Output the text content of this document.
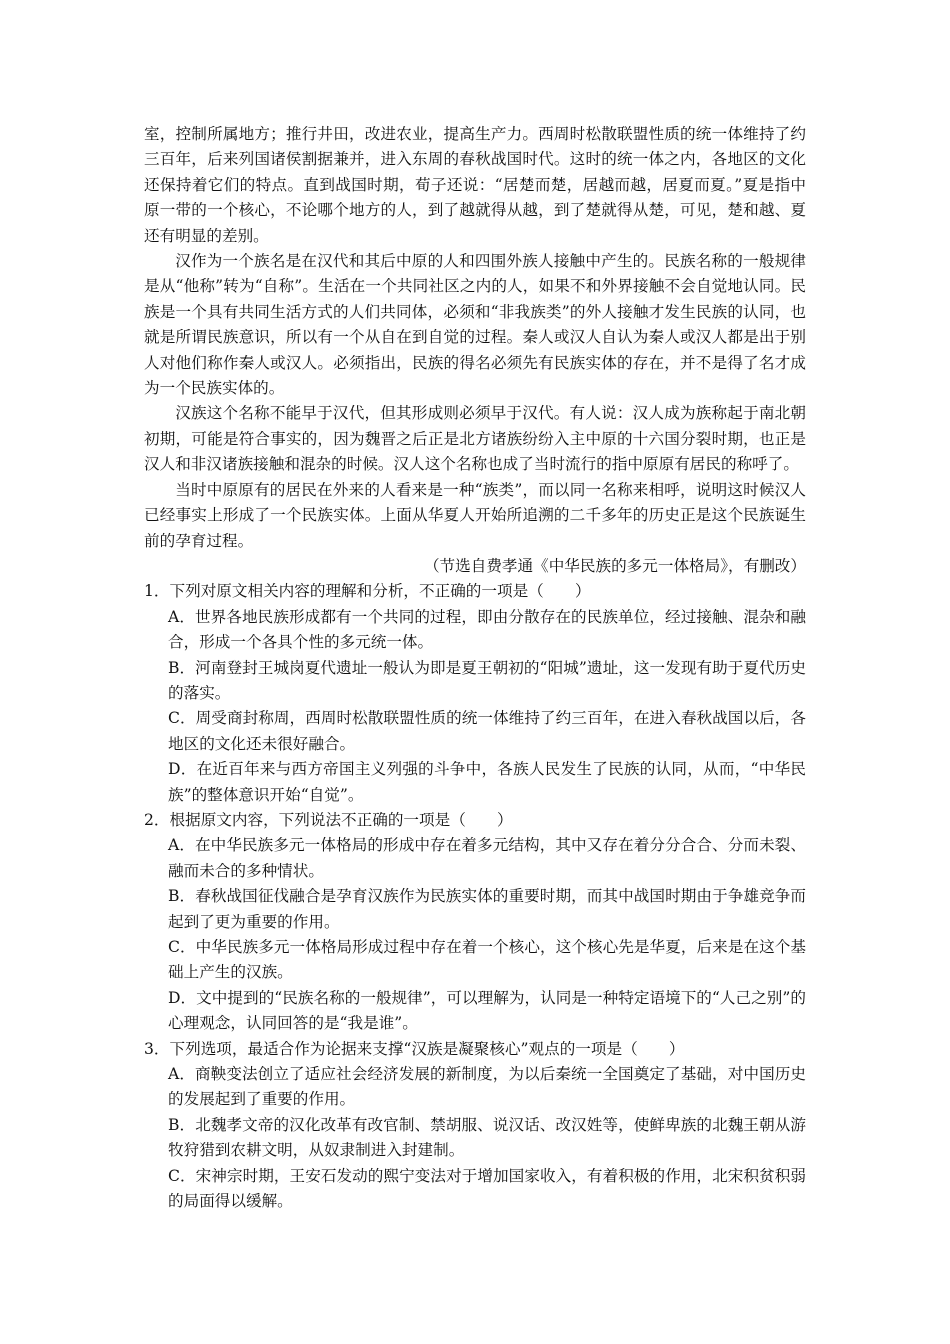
室，控制所属地方；推行井田，改进农业，提高生产力。西周时松散联盟性质的统一体维持了约三百年，后来列国诸侯割据兼并，进入东周的春秋战国时代。这时的统一体之内，各地区的文化还保持着它们的特点。直到战国时期，荀子还说：“居楚而楚，居越而越，居夏而夏。”夏是指中原一带的一个核心，不论哪个地方的人，到了越就得从越，到了楚就得从楚，可见，楚和越、夏还有明显的差别。

汉作为一个族名是在汉代和其后中原的人和四围外族人接触中产生的。民族名称的一般规律是从“他称”转为“自称”。生活在一个共同社区之内的人，如果不和外界接触不会自觉地认同。民族是一个具有共同生活方式的人们共同体，必须和“非我族类”的外人接触才发生民族的认同，也就是所谓民族意识，所以有一个从自在到自觉的过程。秦人或汉人自认为秦人或汉人都是出于别人对他们称作秦人或汉人。必须指出，民族的得名必须先有民族实体的存在，并不是得了名才成为一个民族实体的。

汉族这个名称不能早于汉代，但其形成则必须早于汉代。有人说：汉人成为族称起于南北朝初期，可能是符合事实的，因为魏晋之后正是北方诸族纷纷入主中原的十六国分裂时期，也正是汉人和非汉诸族接触和混杂的时候。汉人这个名称也成了当时流行的指中原原有居民的称呼了。

当时中原原有的居民在外来的人看来是一种“族类”，而以同一名称来相呼，说明这时候汉人已经事实上形成了一个民族实体。上面从华夏人开始所追溯的二千多年的历史正是这个民族诞生前的孕育过程。

（节选自费孝通《中华民族的多元一体格局》，有删改）

1．下列对原文相关内容的理解和分析，不正确的一项是（　　）

A．世界各地民族形成都有一个共同的过程，即由分散存在的民族单位，经过接触、混杂和融合，形成一个各具个性的多元统一体。

B．河南登封王城岗夏代遗址一般认为即是夏王朝初的“阳城”遗址，这一发现有助于夏代历史的落实。

C．周受商封称周，西周时松散联盟性质的统一体维持了约三百年，在进入春秋战国以后，各地区的文化还未很好融合。

D．在近百年来与西方帝国主义列强的斗争中，各族人民发生了民族的认同，从而，“中华民族”的整体意识开始“自觉”。

2．根据原文内容，下列说法不正确的一项是（　　）

A．在中华民族多元一体格局的形成中存在着多元结构，其中又存在着分分合合、分而未裂、融而未合的多种情状。

B．春秋战国征伐融合是孕育汉族作为民族实体的重要时期，而其中战国时期由于争雄竞争而起到了更为重要的作用。

C．中华民族多元一体格局形成过程中存在着一个核心，这个核心先是华夏，后来是在这个基础上产生的汉族。

D．文中提到的“民族名称的一般规律”，可以理解为，认同是一种特定语境下的“人己之别”的心理观念，认同回答的是“我是谁”。

3．下列选项，最适合作为论据来支撑“汉族是凝聚核心”观点的一项是（　　）

A．商鞅变法创立了适应社会经济发展的新制度，为以后秦统一全国奠定了基础，对中国历史的发展起到了重要的作用。

B．北魏孝文帝的汉化改革有改官制、禁胡服、说汉话、改汉姓等，使鲜卑族的北魏王朝从游牧狩猎到农耕文明，从奴隶制进入封建制。

C．宋神宗时期，王安石发动的熙宁变法对于增加国家收入，有着积极的作用，北宋积贫积弱的局面得以缓解。
